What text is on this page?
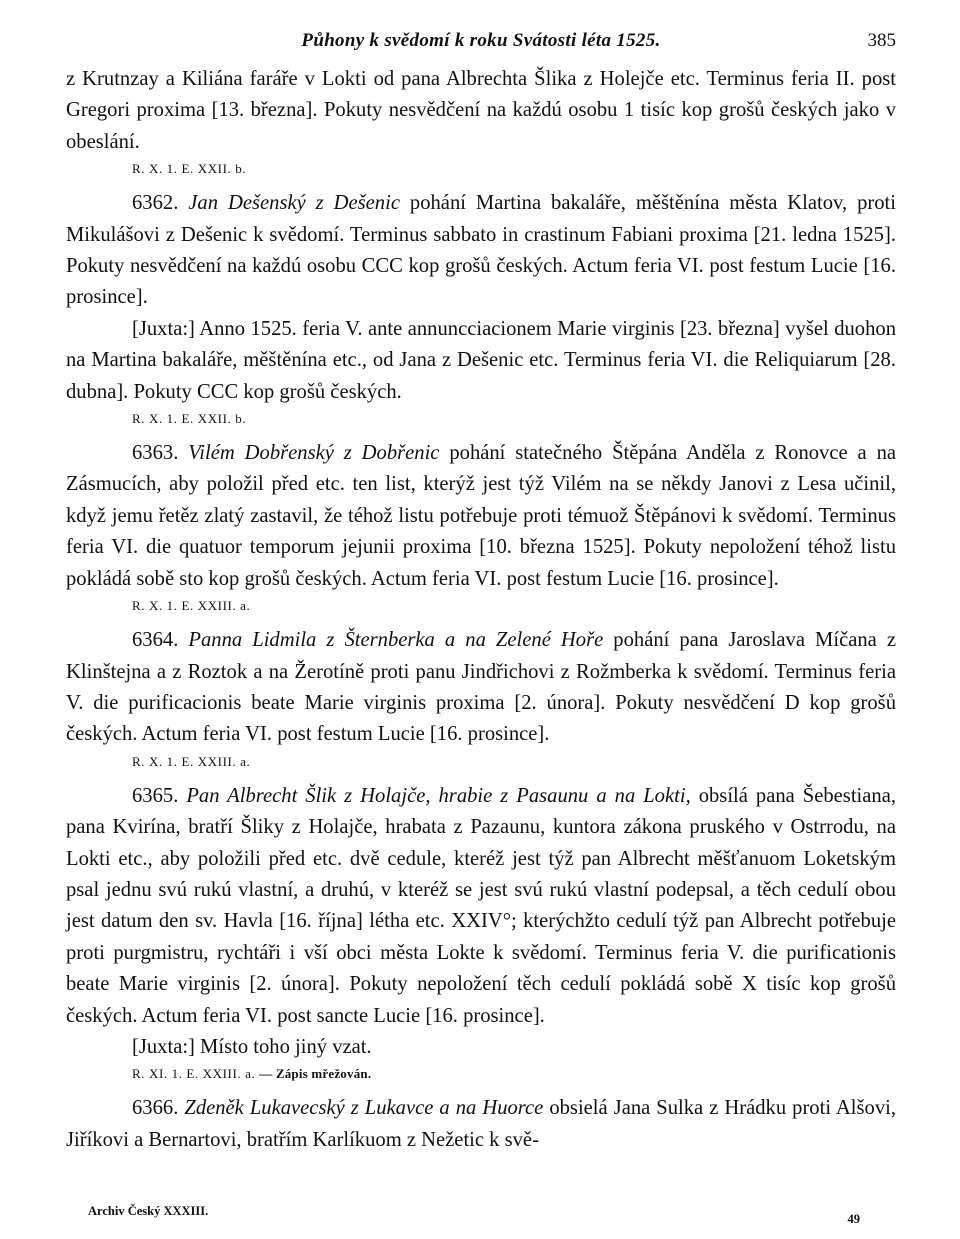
Půhony k svědomí k roku Svátosti léta 1525.	385

z Krutnzay a Kiliána faráře v Lokti od pana Albrechta Šlika z Holejče etc. Terminus feria II. post Gregori proxima [13. března]. Pokuty nesvědčení na každú osobu 1 tisíc kop grošů českých jako v obeslání.

R. X. 1. E. XXII. b.

6362. Jan Dešenský z Dešenic pohání Martina bakaláře, měštěnína města Klatov, proti Mikulášovi z Dešenic k svědomí. Terminus sabbato in crastinum Fabiani proxima [21. ledna 1525]. Pokuty nesvědčení na každú osobu CCC kop grošů českých. Actum feria VI. post festum Lucie [16. prosince].

[Juxta:] Anno 1525. feria V. ante annuncciacionem Marie virginis [23. března] vyšel duohon na Martina bakaláře, měštěnína etc., od Jana z Dešenic etc. Terminus feria VI. die Reliquiarum [28. dubna]. Pokuty CCC kop grošů českých.

R. X. 1. E. XXII. b.

6363. Vilém Dobřenský z Dobřenic pohání statečného Štěpána Anděla z Ronovce a na Zásmucích, aby položil před etc. ten list, kterýž jest týž Vilém na se někdy Janovi z Lesa učinil, když jemu řetěz zlatý zastavil, že téhož listu potřebuje proti témuož Štěpánovi k svědomí. Terminus feria VI. die quatuor temporum jejunii proxima [10. března 1525]. Pokuty nepoložení téhož listu pokládá sobě sto kop grošů českých. Actum feria VI. post festum Lucie [16. prosince].

R. X. 1. E. XXIII. a.

6364. Panna Lidmila z Šternberka a na Zelené Hoře pohání pana Jaroslava Míčana z Klinštejna a z Roztok a na Žerotíně proti panu Jindřichovi z Rožmberka k svědomí. Terminus feria V. die purificacionis beate Marie virginis proxima [2. února]. Pokuty nesvědčení D kop grošů českých. Actum feria VI. post festum Lucie [16. prosince].

R. X. 1. E. XXIII. a.

6365. Pan Albrecht Šlik z Holajče, hrabie z Pasaunu a na Lokti, obsílá pana Šebestiana, pana Kvirína, bratří Šliky z Holajče, hrabata z Pazaunu, kuntora zákona pruského v Ostrrodu, na Lokti etc., aby položili před etc. dvě cedule, kteréž jest týž pan Albrecht měšťanuom Loketským psal jednu svú rukú vlastní, a druhú, v kteréž se jest svú rukú vlastní podepsal, a těch cedulí obou jest datum den sv. Havla [16. října] létha etc. XXIV°; kterýchžto cedulí týž pan Albrecht potřebuje proti purgmistru, rychtáři i vší obci města Lokte k svědomí. Terminus feria V. die purificationis beate Marie virginis [2. února]. Pokuty nepoložení těch cedulí pokládá sobě X tisíc kop grošů českých. Actum feria VI. post sancte Lucie [16. prosince].

[Juxta:] Místo toho jiný vzat.

R. XI. 1. E. XXIII. a. — Zápis mřežován.

6366. Zdeněk Lukavecský z Lukavce a na Huorce obsielá Jana Sulka z Hrádku proti Alšovi, Jiříkovi a Bernartovi, bratřím Karlíkuom z Nežetic k svě-

Archiv Český XXXIII.
49
